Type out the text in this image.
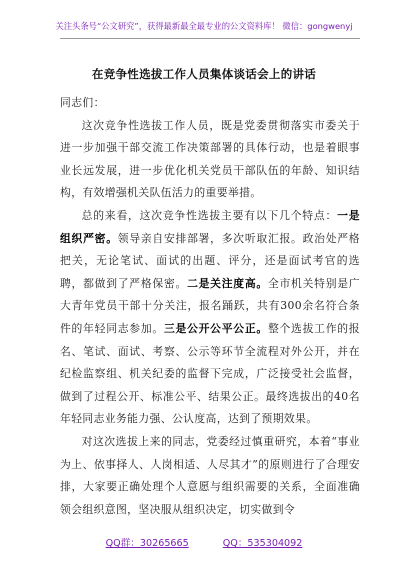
关注头条号“公文研究”，获得最新最全最专业的公文资料库！ 微信：gongwenyj
在竞争性选拔工作人员集体谈话会上的讲话

同志们：

这次竞争性选拔工作人员，既是党委贯彻落实市委关于进一步加强干部交流工作决策部署的具体行动，也是着眼事业长远发展，进一步优化机关党员干部队伍的年龄、知识结构，有效增强机关队伍活力的重要举措。

总的来看，这次竞争性选拔主要有以下几个特点：一是组织严密。领导亲自安排部署，多次听取汇报。政治处严格把关，无论笔试、面试的出题、评分，还是面试考官的选聘，都做到了严格保密。二是关注度高。全市机关特别是广大青年党员干部十分关注，报名踊跃，共有300余名符合条件的年轻同志参加。三是公开公平公正。整个选拔工作的报名、笔试、面试、考察、公示等环节全流程对外公开，并在纪检监察组、机关纪委的监督下完成，广泛接受社会监督，做到了过程公开、标准公平、结果公正。最终选拔出的40名年轻同志业务能力强、公认度高，达到了预期效果。

对这次选拔上来的同志，党委经过慎重研究，本着“事业为上、依事择人、人岗相适、人尽其才”的原则进行了合理安排，大家要正确处理个人意愿与组织需要的关系，全面准确领会组织意图，坚决服从组织决定，切实做到令

QQ群：30265665	QQ：535304092
